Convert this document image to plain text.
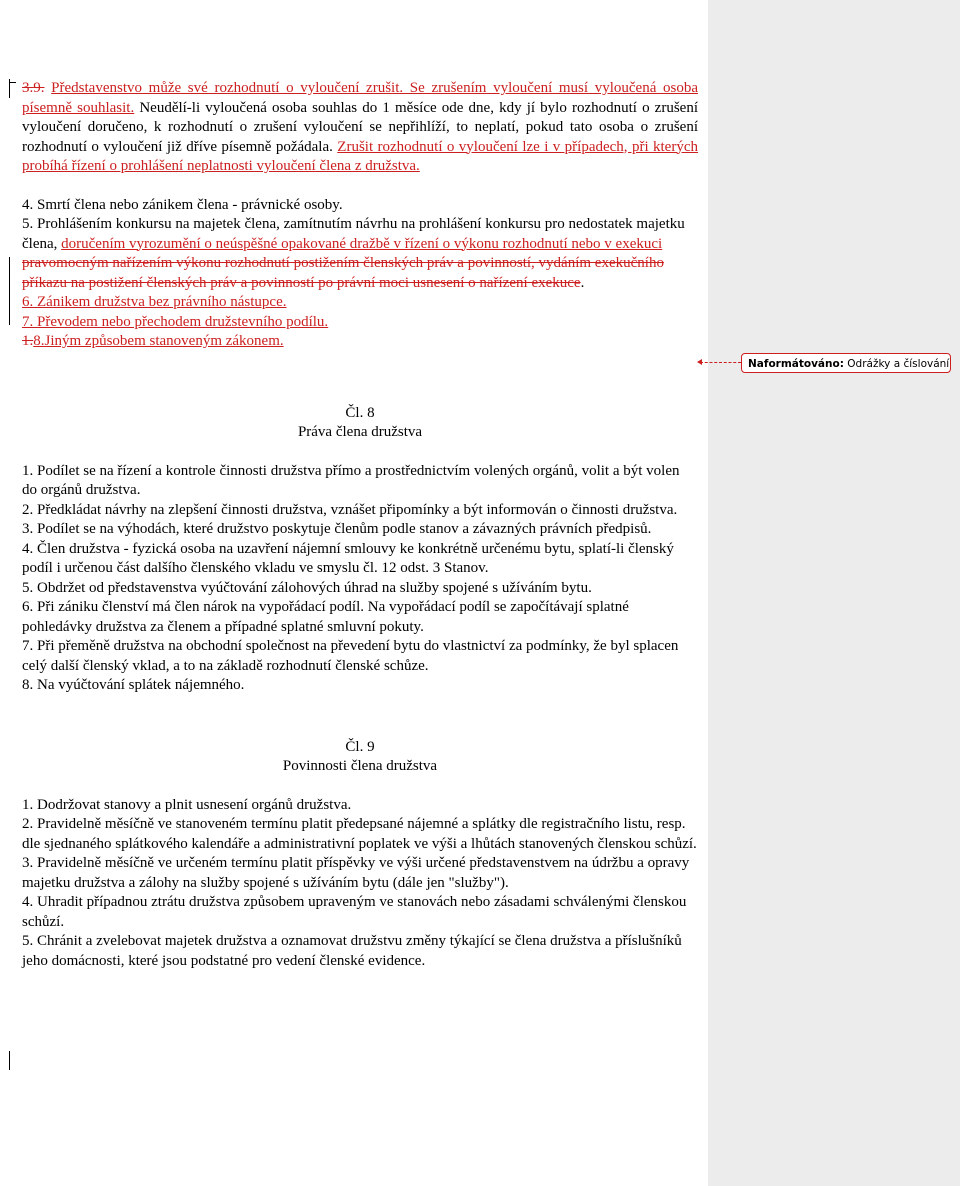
3.9. Představenstvo může své rozhodnutí o vyloučení zrušit. Se zrušením vyloučení musí vyloučená osoba písemně souhlasit. Neudělí-li vyloučená osoba souhlas do 1 měsíce ode dne, kdy jí bylo rozhodnutí o zrušení vyloučení doručeno, k rozhodnutí o zrušení vyloučení se nepřihlíží, to neplatí, pokud tato osoba o zrušení rozhodnutí o vyloučení již dříve písemně požádala. Zrušit rozhodnutí o vyloučení lze i v případech, při kterých probíhá řízení o prohlášení neplatnosti vyloučení člena z družstva.

4. Smrtí člena nebo zánikem člena - právnické osoby.

5. Prohlášením konkursu na majetek člena, zamítnutím návrhu na prohlášení konkursu pro nedostatek majetku člena, doručením vyrozumění o neúspěšné opakované dražbě v řízení o výkonu rozhodnutí nebo v exekuci pravomocným nařízením výkonu rozhodnutí postižením členských práv a povinností, vydáním exekučního příkazu na postižení členských práv a povinností po právní moci usnesení o nařízení exekuce.

6. Zánikem družstva bez právního nástupce.

7. Převodem nebo přechodem družstevního podílu.

1.8.Jiným způsobem stanoveným zákonem.

Čl. 8

Práva člena družstva

1. Podílet se na řízení a kontrole činnosti družstva přímo a prostřednictvím volených orgánů, volit a být volen do orgánů družstva.

2. Předkládat návrhy na zlepšení činnosti družstva, vznášet připomínky a být informován o činnosti družstva.

3. Podílet se na výhodách, které družstvo poskytuje členům podle stanov a závazných právních předpisů.

4. Člen družstva - fyzická osoba na uzavření nájemní smlouvy ke konkrétně určenému bytu, splatí-li členský podíl i určenou část dalšího členského vkladu ve smyslu čl. 12 odst. 3 Stanov.

5. Obdržet od představenstva vyúčtování zálohových úhrad na služby spojené s užíváním bytu.

6. Při zániku členství má člen nárok na vypořádací podíl. Na vypořádací podíl se započítávají splatné pohledávky družstva za členem a případné splatné smluvní pokuty.

7. Při přeměně družstva na obchodní společnost na převedení bytu do vlastnictví za podmínky, že byl splacen celý další členský vklad, a to na základě rozhodnutí členské schůze.

8. Na vyúčtování splátek nájemného.

Čl. 9

Povinnosti člena družstva

1. Dodržovat stanovy a plnit usnesení orgánů družstva.

2. Pravidelně měsíčně ve stanoveném termínu platit předepsané nájemné a splátky dle registračního listu, resp. dle sjednaného splátkového kalendáře a administrativní poplatek ve výši a lhůtách stanovených členskou schůzí.

3. Pravidelně měsíčně ve určeném termínu platit příspěvky ve výši určené představenstvem na údržbu a opravy majetku družstva a zálohy na služby spojené s užíváním bytu (dále jen "služby").

4. Uhradit případnou ztrátu družstva způsobem upraveným ve stanovách nebo zásadami schválenými členskou schůzí.

5. Chránit a zvelebovat majetek družstva a oznamovat družstvu změny týkající se člena družstva a příslušníků jeho domácnosti, které jsou podstatné pro vedení členské evidence.

Naformátováno: Odrážky a číslování
